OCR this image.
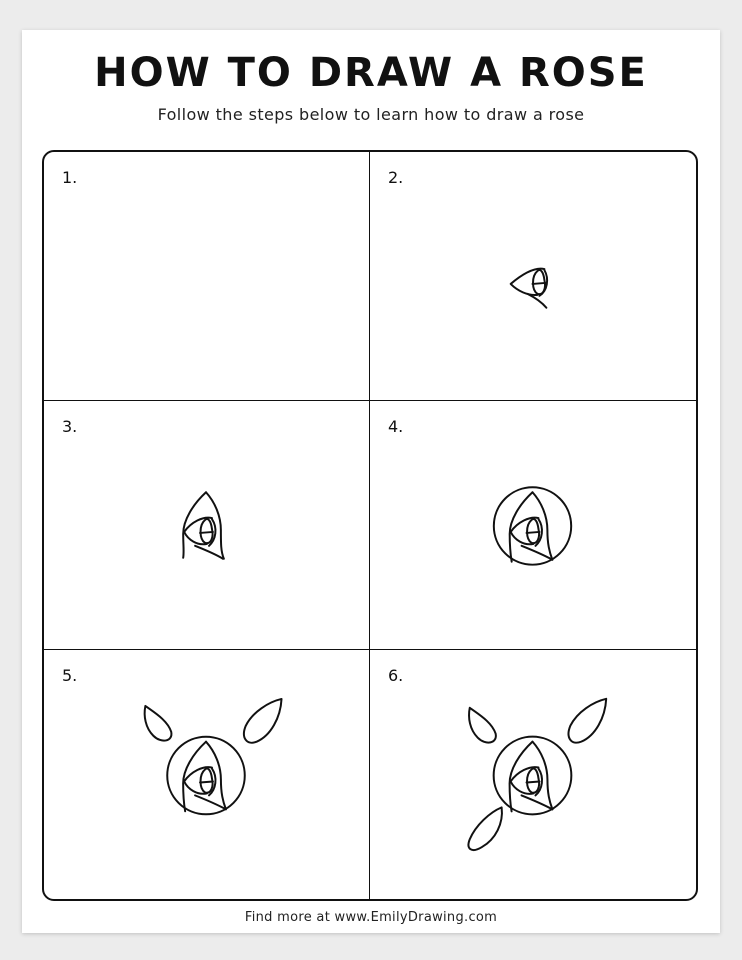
HOW TO DRAW A ROSE
Follow the steps below to learn how to draw a rose
1.	2.
3.	4.
5.	6.
Find more at www.EmilyDrawing.com
